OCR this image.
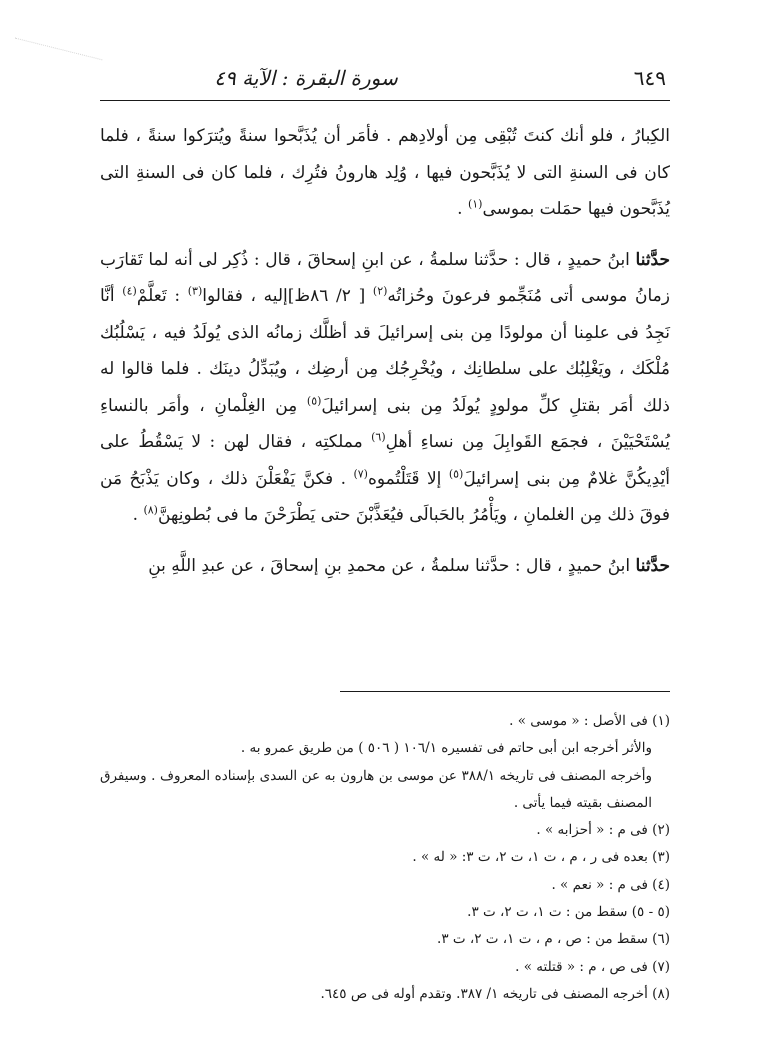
٦٤٩
سورة البقرة : الآية ٤٩

الكِبارُ ، فلو أنك كنتَ تُبْقِى مِن أولادِهم . فأمَر أن يُذَبَّحوا سنةً ويُترَكوا سنةً ، فلما كان فى السنةِ التى لا يُذَبَّحون فيها ، وُلِد هارونُ فتُرِك ، فلما كان فى السنةِ التى يُذَبَّحون فيها حمَلت بموسى$^{(١)}$ .

حدَّثنا ابنُ حميدٍ ، قال : حدَّثنا سلمةُ ، عن ابنِ إسحاقَ ، قال : ذُكِر لى أنه لما تَقارَب زمانُ موسى أتى مُنَجِّمو فرعونَ وحُزاتُه$^{(٢)}$ [ ٢/ ٨٦ظ]إليه ، فقالوا$^{(٣)}$ : تَعلَّمْ$^{(٤)}$ أنَّا نَجِدُ فى علمِنا أن مولودًا مِن بنى إسرائيلَ قد أظلَّك زمانُه الذى يُولَدُ فيه ، يَسْلُبُك مُلْكَك ، ويَغْلِبُك على سلطانِك ، ويُخْرِجُك مِن أرضِك ، ويُبَدِّلُ دينَك . فلما قالوا له ذلك أمَر بقتلِ كلِّ مولودٍ يُولَدُ مِن بنى إسرائيلَ$^{(٥)}$ مِن الغِلْمانِ ، وأمَر بالنساءِ يُسْتَحْيَيْنَ ، فجمَع القَوابِلَ مِن نساءِ أهلِ$^{(٦)}$ مملكتِه ، فقال لهن : لا يَسْقُطُ على أيْدِيكُنَّ غلامٌ مِن بنى إسرائيلَ$^{(٥)}$ إلا قَتَلْتُموه$^{(٧)}$ . فكنَّ يَفْعَلْنَ ذلك ، وكان يَذْبَحُ مَن فوقَ ذلك مِن الغلمانِ ، ويَأْمُرُ بالحَبالَى فيُعَذَّبْنَ حتى يَطْرَحْنَ ما فى بُطونِهنَّ$^{(٨)}$ .

حدَّثنا ابنُ حميدٍ ، قال : حدَّثنا سلمةُ ، عن محمدِ بنِ إسحاقَ ، عن عبدِ اللَّهِ بنِ

(١) فى الأصل : « موسى » .

والأثر أخرجه ابن أبى حاتم فى تفسيره ١٠٦/١ ( ٥٠٦ ) من طريق عمرو به .

وأخرجه المصنف فى تاريخه ٣٨٨/١ عن موسى بن هارون به عن السدى بإسناده المعروف . وسيفرق المصنف بقيته فيما يأتى .

(٢) فى م : « أحزابه » .

(٣) بعده فى ر ، م ، ت ١، ت ٢، ت ٣: « له » .

(٤) فى م : « نعم » .

(٥ - ٥) سقط من : ت ١، ت ٢، ت ٣.

(٦) سقط من : ص ، م ، ت ١، ت ٢، ت ٣.

(٧) فى ص ، م : « قتلته » .

(٨) أخرجه المصنف فى تاريخه ١/ ٣٨٧. وتقدم أوله فى ص ٦٤٥.
